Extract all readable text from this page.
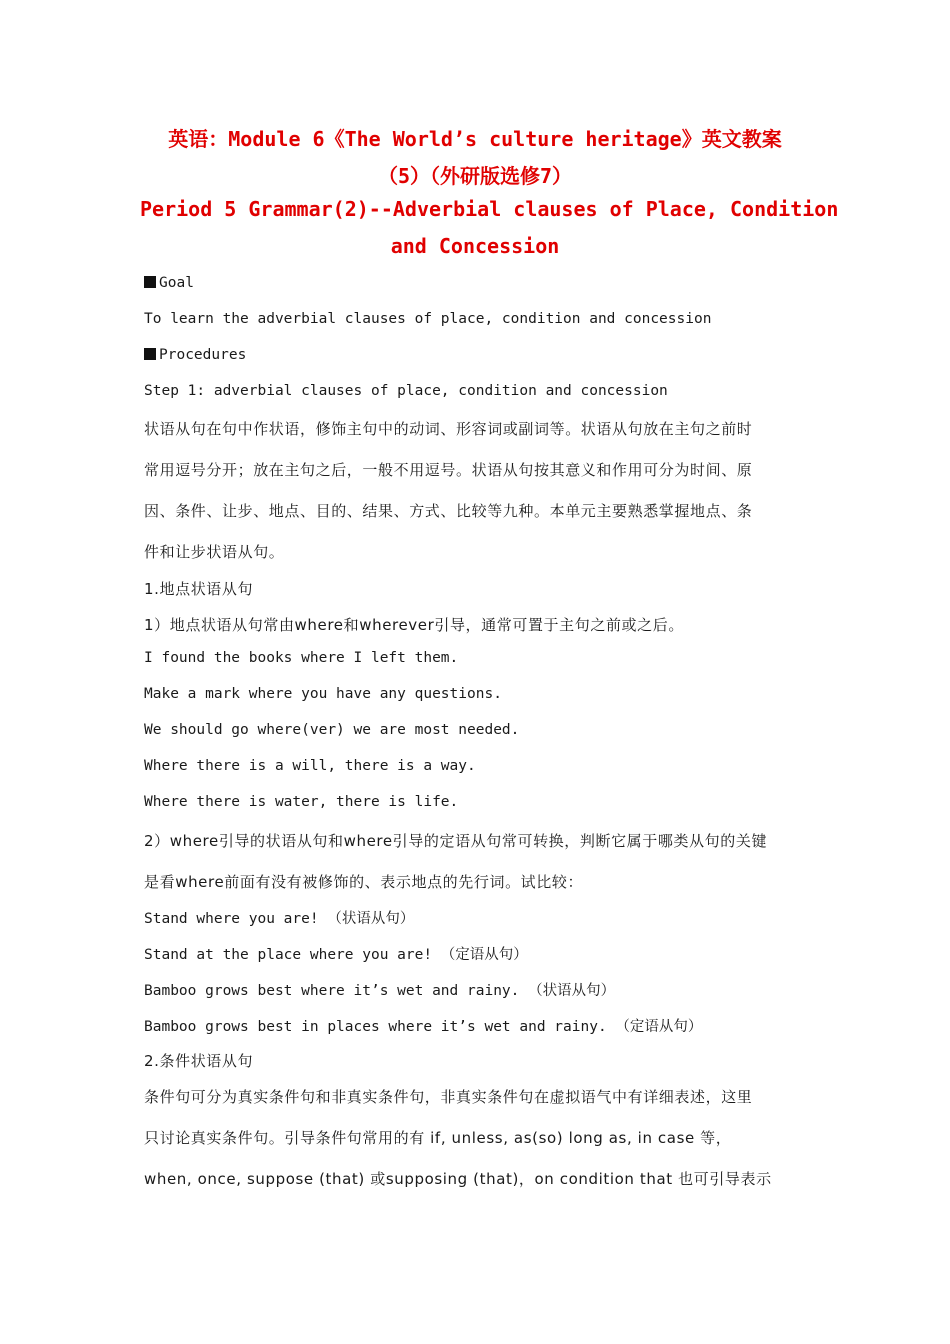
英语：Module 6《The World’s culture heritage》英文教案
（5）（外研版选修7）
Period 5 Grammar(2)--Adverbial clauses of Place, Condition
and Concession
Goal
To learn the adverbial clauses of place, condition and concession
Procedures
Step 1: adverbial clauses of place, condition and concession
状语从句在句中作状语，修饰主句中的动词、形容词或副词等。状语从句放在主句之前时
常用逗号分开；放在主句之后，一般不用逗号。状语从句按其意义和作用可分为时间、原
因、条件、让步、地点、目的、结果、方式、比较等九种。本单元主要熟悉掌握地点、条
件和让步状语从句。
1.地点状语从句
1）地点状语从句常由where和wherever引导，通常可置于主句之前或之后。
I found the books where I left them.
Make a mark where you have any questions.
We should go where(ver) we are most needed.
Where there is a will, there is a way.
Where there is water, there is life.
2）where引导的状语从句和where引导的定语从句常可转换，判断它属于哪类从句的关键
是看where前面有没有被修饰的、表示地点的先行词。试比较：
Stand where you are! （状语从句）
Stand at the place where you are! （定语从句）
Bamboo grows best where it’s wet and rainy. （状语从句）
Bamboo grows best in places where it’s wet and rainy. （定语从句）
2.条件状语从句
条件句可分为真实条件句和非真实条件句，非真实条件句在虚拟语气中有详细表述，这里
只讨论真实条件句。引导条件句常用的有 if, unless, as(so) long as, in case 等，
when, once, suppose (that) 或supposing (that)，on condition that 也可引导表示
